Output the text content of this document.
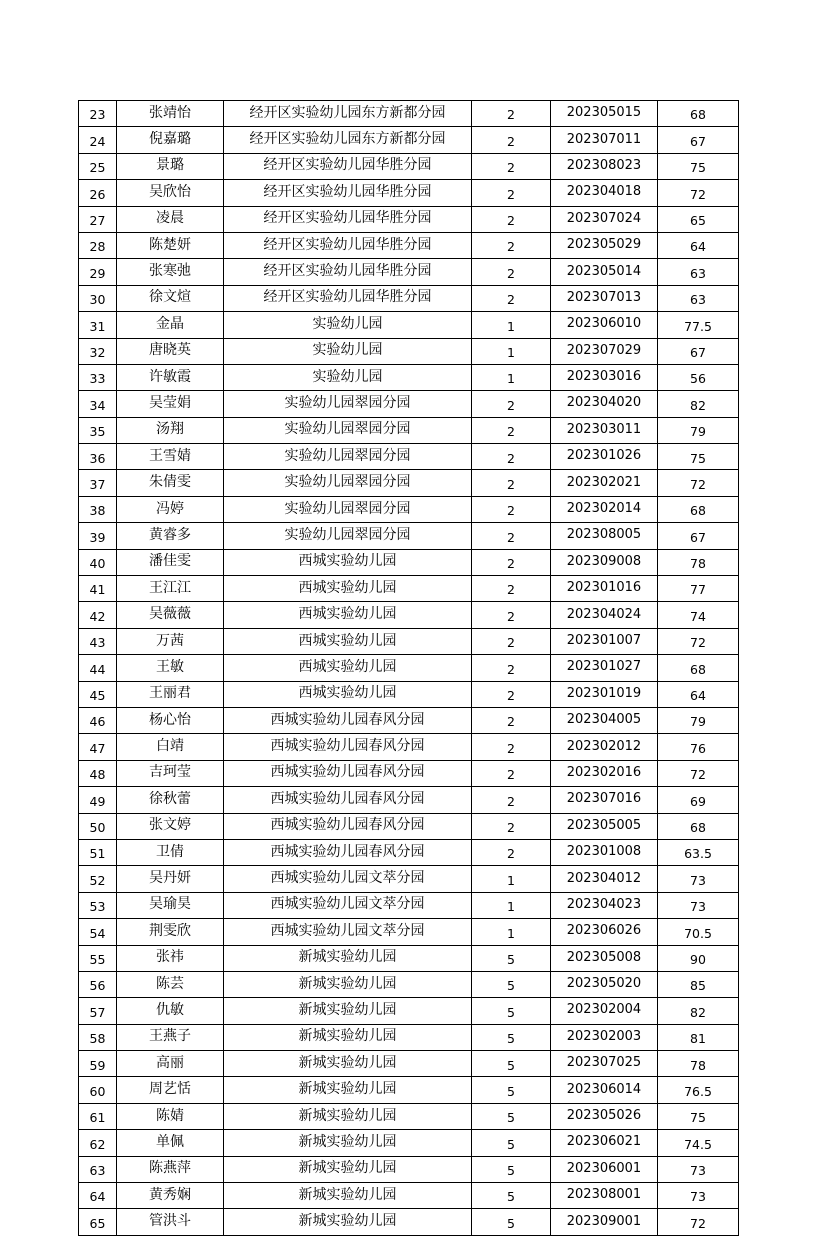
23	张靖怡	经开区实验幼儿园东方新都分园	2	202305015	68
24	倪嘉璐	经开区实验幼儿园东方新都分园	2	202307011	67
25	景璐	经开区实验幼儿园华胜分园	2	202308023	75
26	吴欣怡	经开区实验幼儿园华胜分园	2	202304018	72
27	凌晨	经开区实验幼儿园华胜分园	2	202307024	65
28	陈楚妍	经开区实验幼儿园华胜分园	2	202305029	64
29	张寒弛	经开区实验幼儿园华胜分园	2	202305014	63
30	徐文煊	经开区实验幼儿园华胜分园	2	202307013	63
31	金晶	实验幼儿园	1	202306010	77.5
32	唐晓英	实验幼儿园	1	202307029	67
33	许敏霞	实验幼儿园	1	202303016	56
34	吴莹娟	实验幼儿园翠园分园	2	202304020	82
35	汤翔	实验幼儿园翠园分园	2	202303011	79
36	王雪婧	实验幼儿园翠园分园	2	202301026	75
37	朱倩雯	实验幼儿园翠园分园	2	202302021	72
38	冯婷	实验幼儿园翠园分园	2	202302014	68
39	黄睿多	实验幼儿园翠园分园	2	202308005	67
40	潘佳雯	西城实验幼儿园	2	202309008	78
41	王江江	西城实验幼儿园	2	202301016	77
42	吴薇薇	西城实验幼儿园	2	202304024	74
43	万茜	西城实验幼儿园	2	202301007	72
44	王敏	西城实验幼儿园	2	202301027	68
45	王丽君	西城实验幼儿园	2	202301019	64
46	杨心怡	西城实验幼儿园春风分园	2	202304005	79
47	白靖	西城实验幼儿园春风分园	2	202302012	76
48	吉珂莹	西城实验幼儿园春风分园	2	202302016	72
49	徐秋蕾	西城实验幼儿园春风分园	2	202307016	69
50	张文婷	西城实验幼儿园春风分园	2	202305005	68
51	卫倩	西城实验幼儿园春风分园	2	202301008	63.5
52	吴丹妍	西城实验幼儿园文萃分园	1	202304012	73
53	吴瑜昊	西城实验幼儿园文萃分园	1	202304023	73
54	荆雯欣	西城实验幼儿园文萃分园	1	202306026	70.5
55	张祎	新城实验幼儿园	5	202305008	90
56	陈芸	新城实验幼儿园	5	202305020	85
57	仇敏	新城实验幼儿园	5	202302004	82
58	王燕子	新城实验幼儿园	5	202302003	81
59	高丽	新城实验幼儿园	5	202307025	78
60	周艺恬	新城实验幼儿园	5	202306014	76.5
61	陈婧	新城实验幼儿园	5	202305026	75
62	单佩	新城实验幼儿园	5	202306021	74.5
63	陈燕萍	新城实验幼儿园	5	202306001	73
64	黄秀娴	新城实验幼儿园	5	202308001	73
65	管洪斗	新城实验幼儿园	5	202309001	72
